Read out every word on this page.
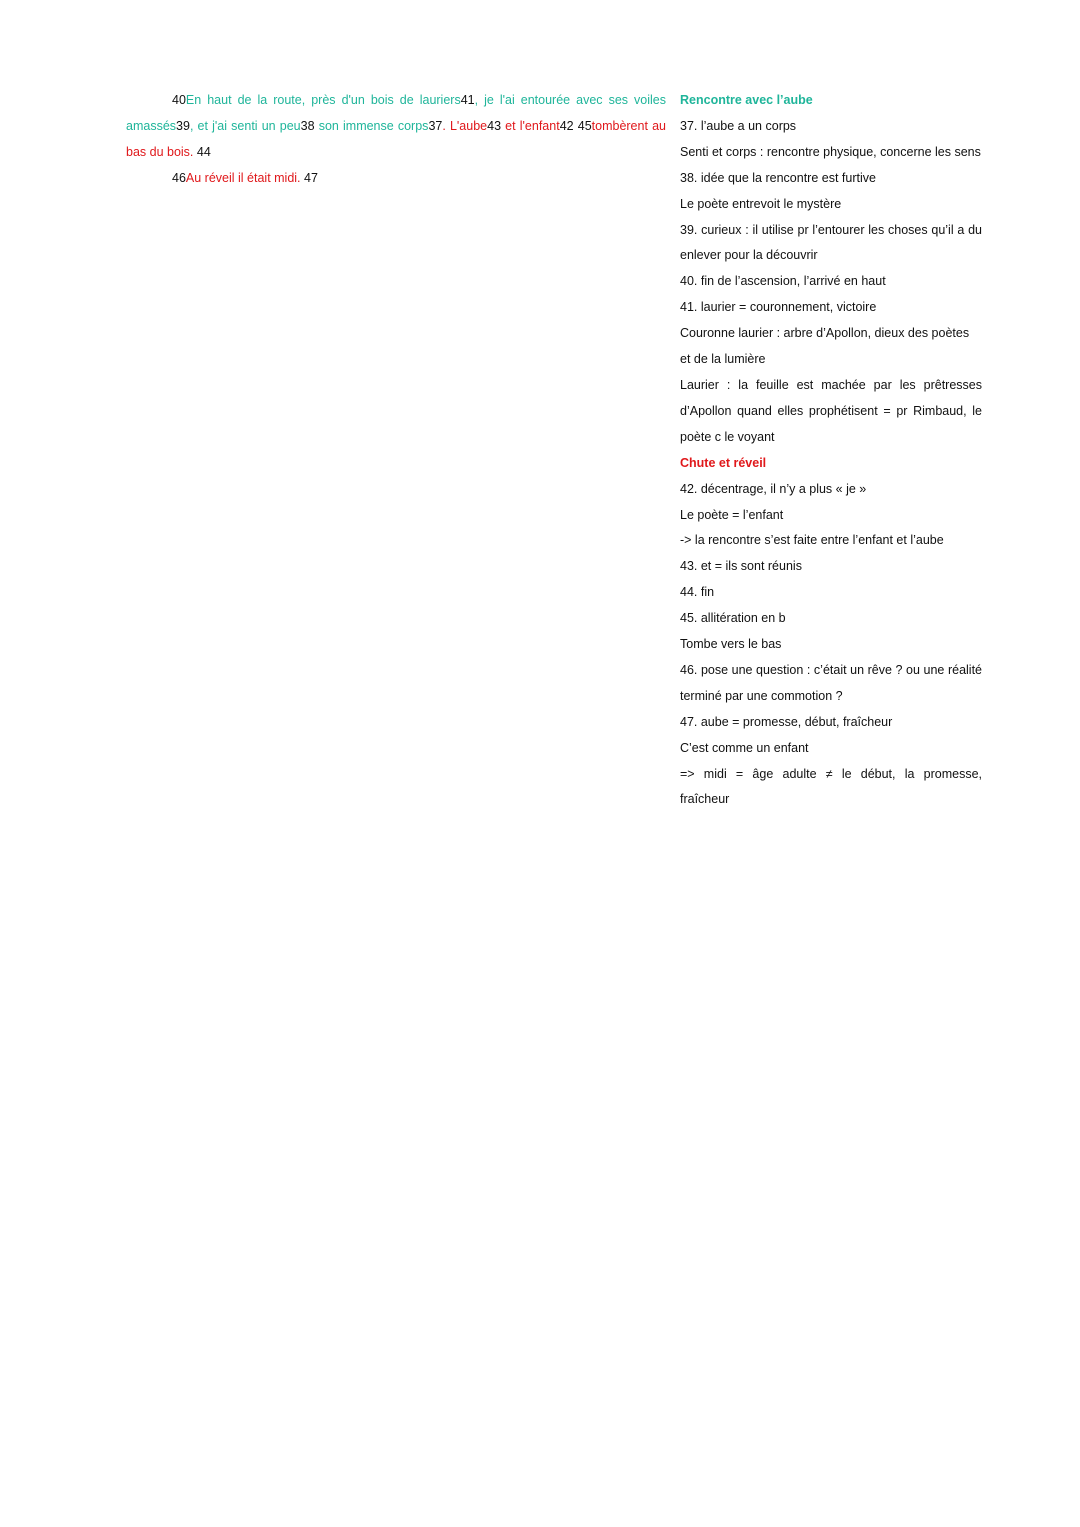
40En haut de la route, près d'un bois de lauriers41, je l'ai entourée avec ses voiles amassés39, et j'ai senti un peu38 son immense corps37. L'aube43 et l'enfant42 45tombèrent au bas du bois. 44

46Au réveil il était midi. 47

Rencontre avec l’aube

37. l’aube a un corps

Senti et corps : rencontre physique, concerne les sens

38. idée que la rencontre est furtive

Le poète entrevoit le mystère

39. curieux : il utilise pr l’entourer les choses qu’il a du enlever pour la découvrir

40. fin de l’ascension, l’arrivé en haut

41. laurier = couronnement, victoire

Couronne laurier : arbre d’Apollon, dieux des poètes et de la lumière

Laurier : la feuille est machée par les prêtresses d’Apollon quand elles prophétisent = pr Rimbaud, le poète c le voyant

Chute et réveil

42. décentrage, il n’y a plus « je »

Le poète = l’enfant

-> la rencontre s’est faite entre l’enfant et l’aube

43. et = ils sont réunis

44. fin

45. allitération en b

Tombe vers le bas

46. pose une question : c’était un rêve ? ou une réalité terminé par une commotion ?

47. aube = promesse, début, fraîcheur

C’est comme un enfant

=> midi = âge adulte ≠ le début, la promesse, fraîcheur
